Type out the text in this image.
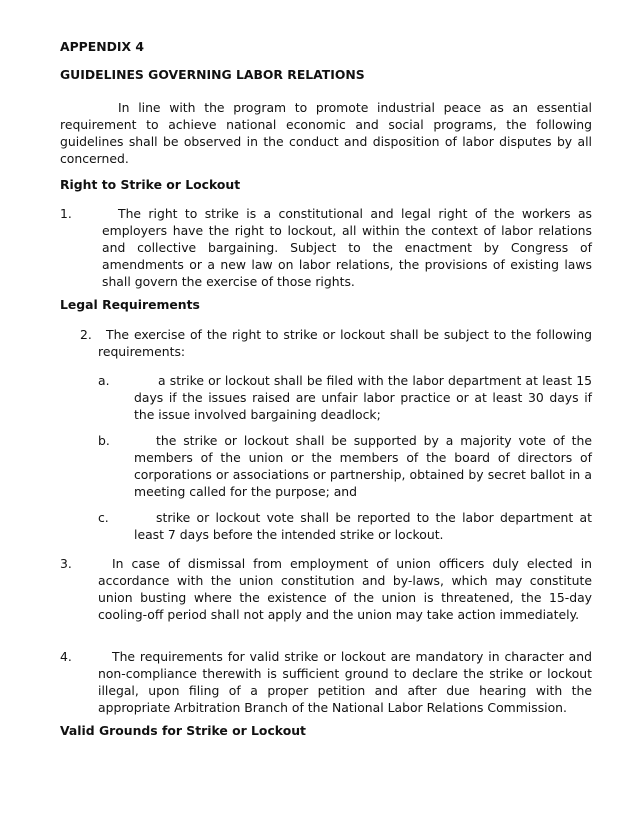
APPENDIX 4
GUIDELINES GOVERNING LABOR RELATIONS
In line with the program to promote industrial peace as an essential requirement to achieve national economic and social programs, the following guidelines shall be observed in the conduct and disposition of labor disputes by all concerned.
Right to Strike or Lockout
1.	The right to strike is a constitutional and legal right of the workers as employers have the right to lockout, all within the context of labor relations and collective bargaining. Subject to the enactment by Congress of amendments or a new law on labor relations, the provisions of existing laws shall govern the exercise of those rights.
Legal Requirements
2.	The exercise of the right to strike or lockout shall be subject to the following requirements:
a.	a strike or lockout shall be filed with the labor department at least 15 days if the issues raised are unfair labor practice or at least 30 days if the issue involved bargaining deadlock;
b.	the strike or lockout shall be supported by a majority vote of the members of the union or the members of the board of directors of corporations or associations or partnership, obtained by secret ballot in a meeting called for the purpose; and
c.	strike or lockout vote shall be reported to the labor department at least 7 days before the intended strike or lockout.
3.	In case of dismissal from employment of union officers duly elected in accordance with the union constitution and by-laws, which may constitute union busting where the existence of the union is threatened, the 15-day cooling-off period shall not apply and the union may take action immediately.
4.	The requirements for valid strike or lockout are mandatory in character and non-compliance therewith is sufficient ground to declare the strike or lockout illegal, upon filing of a proper petition and after due hearing with the appropriate Arbitration Branch of the National Labor Relations Commission.
Valid Grounds for Strike or Lockout
